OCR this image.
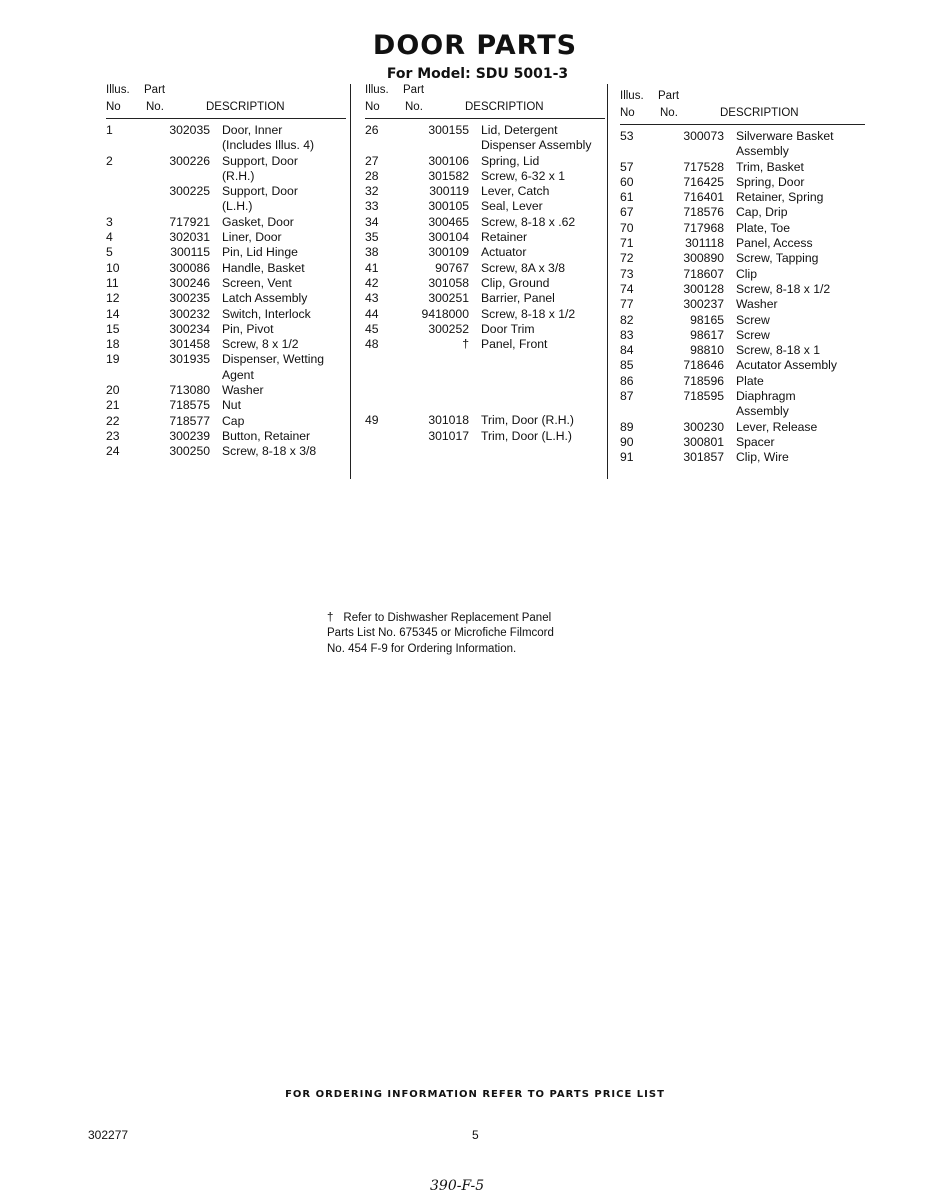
DOOR PARTS
For Model: SDU 5001-3
Illus. Part
No No.	DESCRIPTION
1	302035 Door, Inner
(Includes Illus. 4)
2	300226 Support, Door
(R.H.)
300225 Support, Door
(L.H.)
3	717921 Gasket, Door
4	302031 Liner, Door
5	300115 Pin, Lid Hinge
10	300086 Handle, Basket
11	300246 Screen, Vent
12	300235 Latch Assembly
14	300232 Switch, Interlock
15	300234 Pin, Pivot
18	301458 Screw, 8 x 1/2
19	301935 Dispenser, Wetting
Agent
20	713080 Washer
21	718575 Nut
22	718577 Cap
23	300239 Button, Retainer
24	300250 Screw, 8-18 x 3/8
Illus. Part
No No.	DESCRIPTION
26	300155 Lid, Detergent
Dispenser Assembly
27	300106 Spring, Lid
28	301582 Screw, 6-32 x 1
32	300119 Lever, Catch
33	300105 Seal, Lever
34	300465 Screw, 8-18 x .62
35	300104 Retainer
38	300109 Actuator
41	90767 Screw, 8A x 3/8
42	301058 Clip, Ground
43	300251 Barrier, Panel
44	9418000 Screw, 8-18 x 1/2
45	300252 Door Trim
48	† Panel, Front
49	301018 Trim, Door (R.H.)
301017 Trim, Door (L.H.)
Illus. Part
No No.	DESCRIPTION
53	300073 Silverware Basket
Assembly
57	717528 Trim, Basket
60	716425 Spring, Door
61	716401 Retainer, Spring
67	718576 Cap, Drip
70	717968 Plate, Toe
71	301118 Panel, Access
72	300890 Screw, Tapping
73	718607 Clip
74	300128 Screw, 8-18 x 1/2
77	300237 Washer
82	98165 Screw
83	98617 Screw
84	98810 Screw, 8-18 x 1
85	718646 Acutator Assembly
86	718596 Plate
87	718595 Diaphragm
Assembly
89	300230 Lever, Release
90	300801 Spacer
91	301857 Clip, Wire
† Refer to Dishwasher Replacement Panel
Parts List No. 675345 or Microfiche Filmcord
No. 454 F-9 for Ordering Information.
FOR ORDERING INFORMATION REFER TO PARTS PRICE LIST
302277	5
390-F-5
